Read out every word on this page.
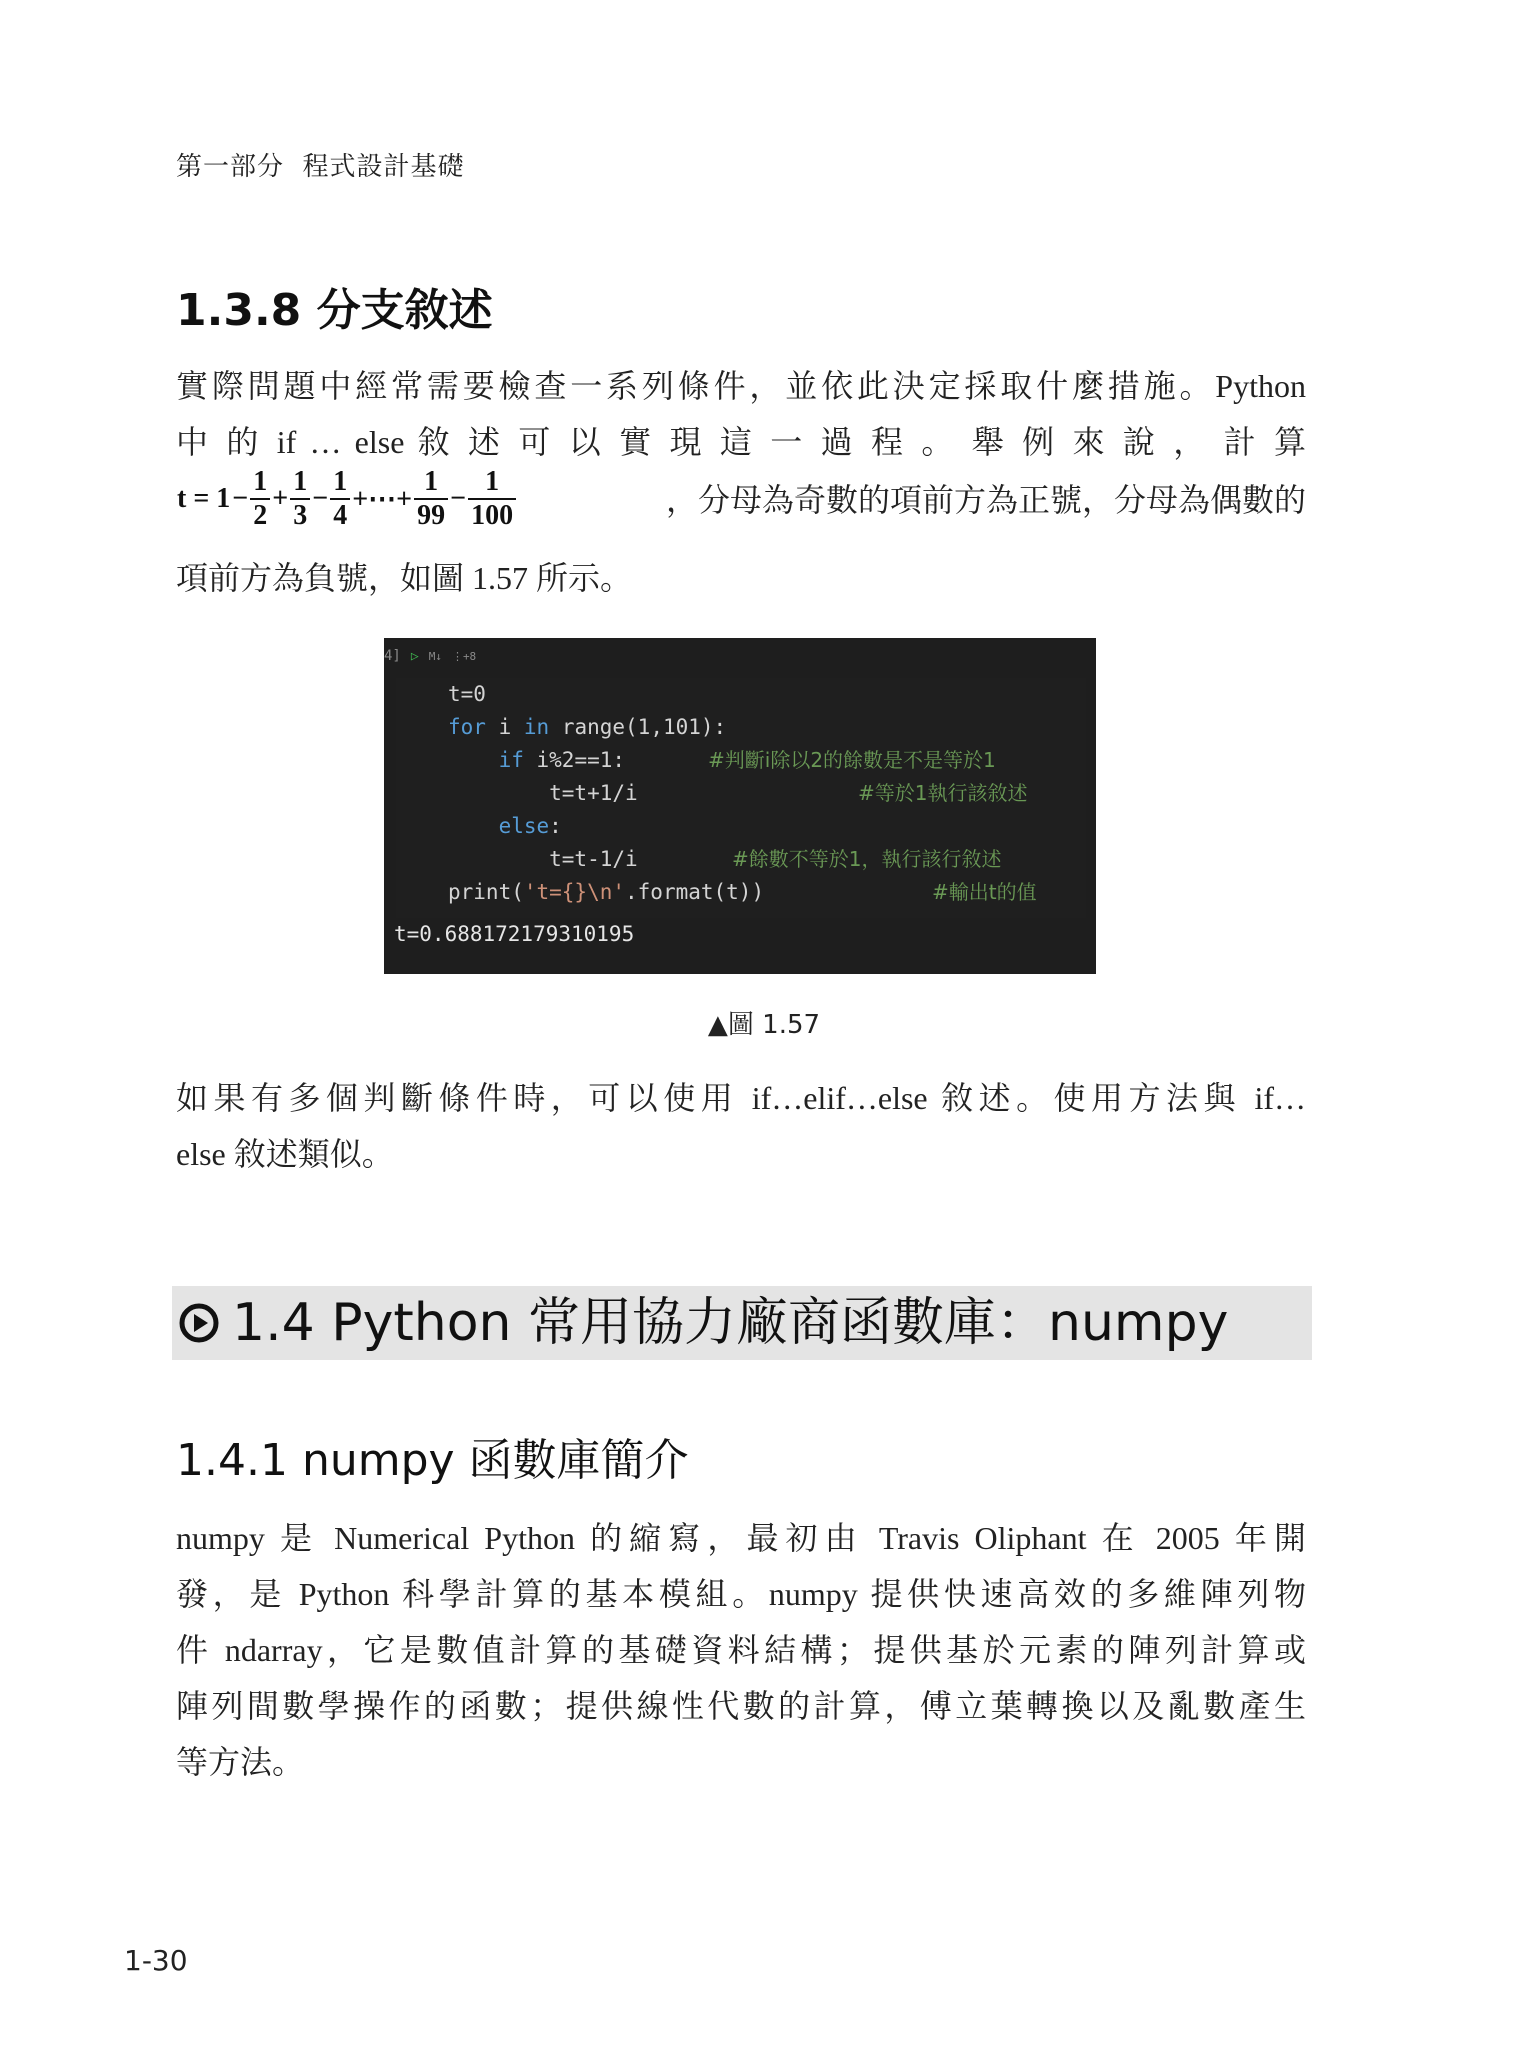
第一部分  程式設計基礎
1.3.8 分支敘述
實際問題中經常需要檢查一系列條件，並依此決定採取什麼措施。Python
中 的 if … else 敘 述 可 以 實 現 這 一 過 程 。 舉 例 來 說 ， 計 算
$t = 1 - \frac{1}{2} + \frac{1}{3} - \frac{1}{4}$ +⋯+ $\frac{1}{99} - \frac{1}{100}$	，分母為奇數的項前方為正號，分母為偶數的
項前方為負號，如圖 1.57 所示。
4] ▷ M↓ ⋮+8
t=0
for i in range(1,101):
if i%2==1:	#判斷i除以2的餘數是不是等於1
t=t+1/i	#等於1執行該敘述
else:
t=t-1/i	#餘數不等於1，執行該行敘述
print('t={}\n'.format(t))	#輸出t的值
t=0.688172179310195
▲圖 1.57
如果有多個判斷條件時，可以使用 if…elif…else 敘述。使用方法與 if…
else 敘述類似。
1.4 Python 常用協力廠商函數庫：numpy
1.4.1 numpy 函數庫簡介
numpy 是 Numerical Python 的縮寫，最初由 Travis Oliphant 在 2005 年開
發，是 Python 科學計算的基本模組。numpy 提供快速高效的多維陣列物
件 ndarray，它是數值計算的基礎資料結構；提供基於元素的陣列計算或
陣列間數學操作的函數；提供線性代數的計算，傅立葉轉換以及亂數產生
等方法。
1-30
